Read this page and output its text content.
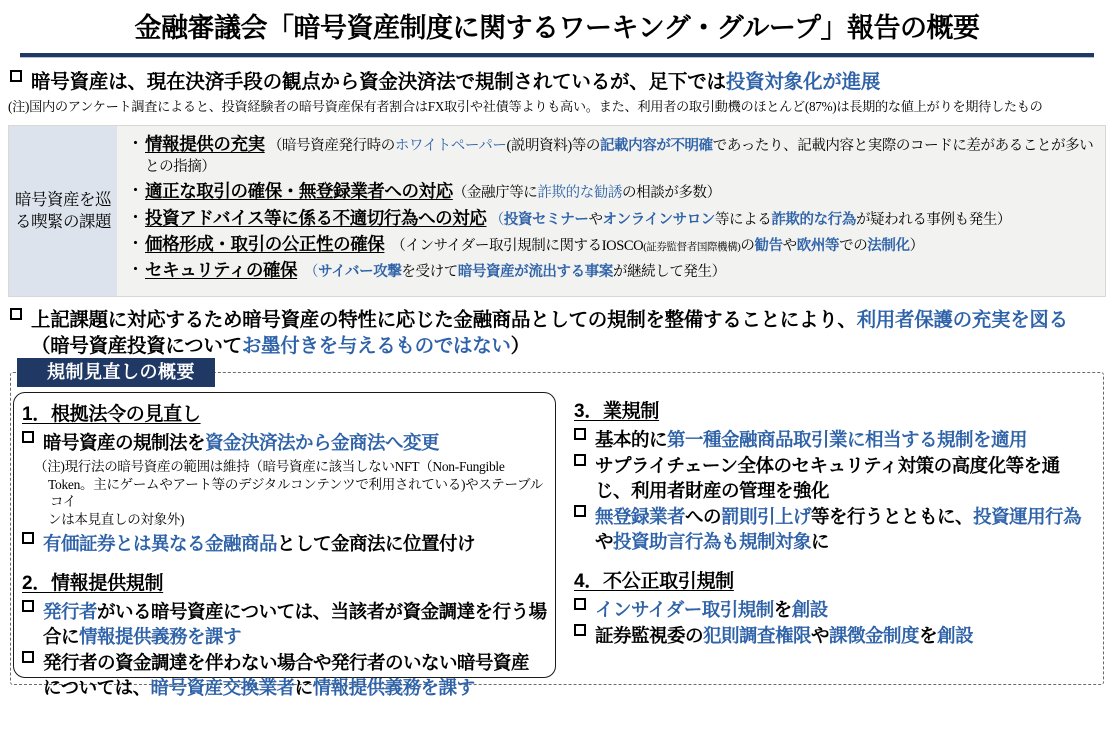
金融審議会「暗号資産制度に関するワーキング・グループ」報告の概要
暗号資産は、現在決済手段の観点から資金決済法で規制されているが、足下では投資対象化が進展
(注)国内のアンケート調査によると、投資経験者の暗号資産保有者割合はFX取引や社債等よりも高い。また、利用者の取引動機のほとんど(87%)は長期的な値上がりを期待したもの
暗号資産を巡る喫緊の課題
・ 情報提供の充実 （暗号資産発行時のホワイトペーパー(説明資料)等の記載内容が不明確であったり、記載内容と実際のコードに差があることが多いとの指摘）
・ 適正な取引の確保・無登録業者への対応（金融庁等に詐欺的な勧誘の相談が多数）
・ 投資アドバイス等に係る不適切行為への対応 （投資セミナーやオンラインサロン等による詐欺的な行為が疑われる事例も発生）
・ 価格形成・取引の公正性の確保　 （インサイダー取引規制に関するIOSCO(証券監督者国際機構)の勧告や欧州等での法制化）
・ セキュリティの確保　 （サイバー攻撃を受けて暗号資産が流出する事案が継続して発生）
上記課題に対応するため暗号資産の特性に応じた金融商品としての規制を整備することにより、利用者保護の充実を図る
（暗号資産投資についてお墨付きを与えるものではない）
規制見直しの概要
1．根拠法令の見直し
暗号資産の規制法を資金決済法から金商法へ変更
（注)現行法の暗号資産の範囲は維持（暗号資産に該当しないNFT（Non-Fungible
Token。主にゲームやアート等のデジタルコンテンツで利用されている)やステーブルコイ
ンは本見直しの対象外)
有価証券とは異なる金融商品として金商法に位置付け
2．情報提供規制
発行者がいる暗号資産については、当該者が資金調達を行う場合に情報提供義務を課す
発行者の資金調達を伴わない場合や発行者のいない暗号資産については、暗号資産交換業者に情報提供義務を課す
3．業規制
基本的に第一種金融商品取引業に相当する規制を適用
サプライチェーン全体のセキュリティ対策の高度化等を通じ、利用者財産の管理を強化
無登録業者への罰則引上げ等を行うとともに、投資運用行為や投資助言行為も規制対象に
4．不公正取引規制
インサイダー取引規制を創設
証券監視委の犯則調査権限や課徴金制度を創設
